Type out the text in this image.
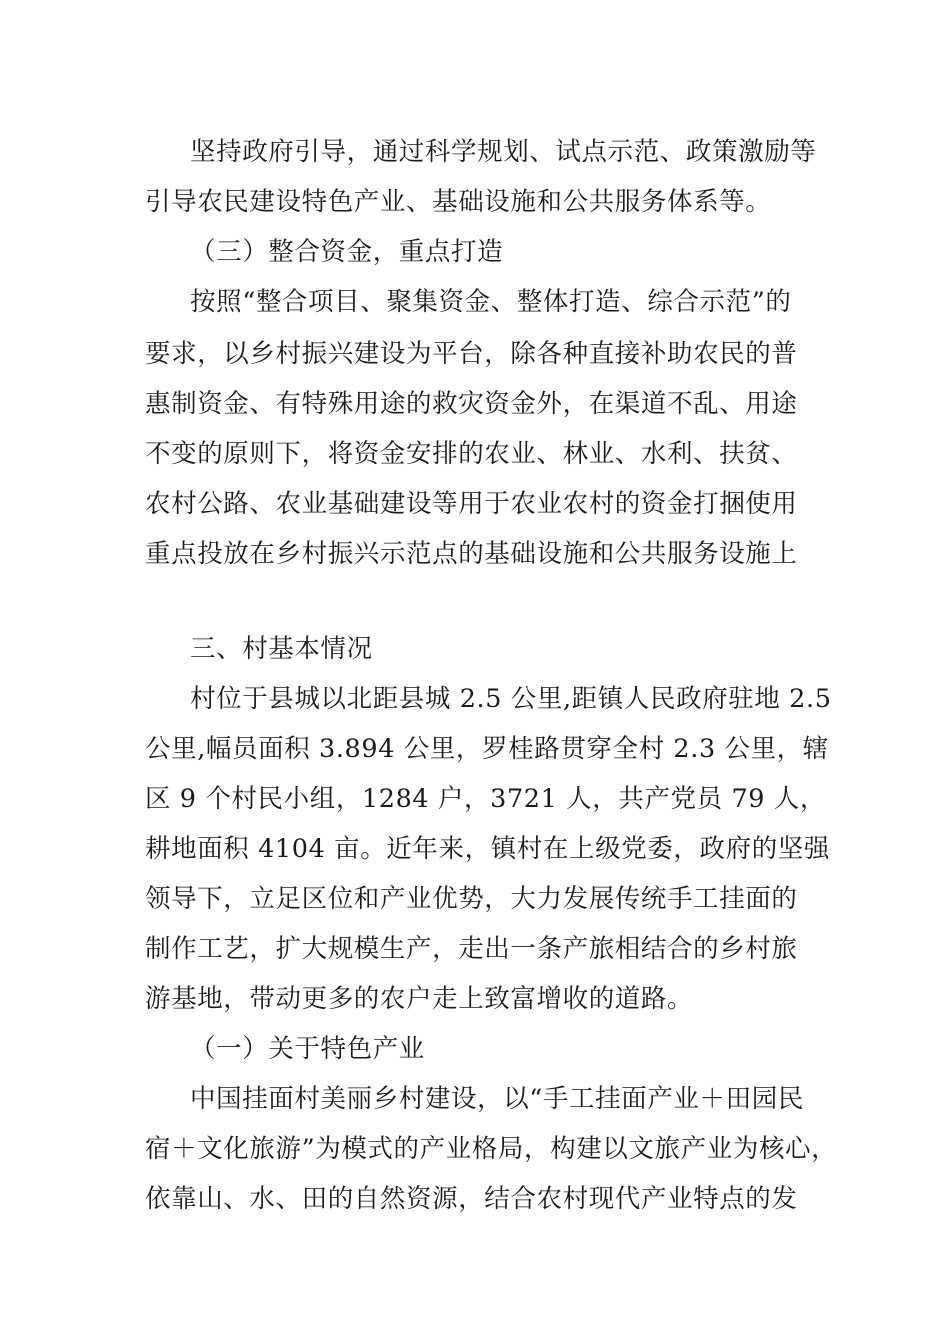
坚持政府引导，通过科学规划、试点示范、政策激励等
引导农民建设特色产业、基础设施和公共服务体系等。
（三）整合资金，重点打造
按照“整合项目、聚集资金、整体打造、综合示范”的
要求，以乡村振兴建设为平台，除各种直接补助农民的普
惠制资金、有特殊用途的救灾资金外，在渠道不乱、用途
不变的原则下，将资金安排的农业、林业、水利、扶贫、
农村公路、农业基础建设等用于农业农村的资金打捆使用
重点投放在乡村振兴示范点的基础设施和公共服务设施上
三、村基本情况
村位于县城以北距县城 2.5 公里,距镇人民政府驻地 2.5
公里,幅员面积 3.894 公里，罗桂路贯穿全村 2.3 公里，辖
区 9 个村民小组，1284 户，3721 人，共产党员 79 人，
耕地面积 4104 亩。近年来，镇村在上级党委，政府的坚强
领导下，立足区位和产业优势，大力发展传统手工挂面的
制作工艺，扩大规模生产，走出一条产旅相结合的乡村旅
游基地，带动更多的农户走上致富增收的道路。
（一）关于特色产业
中国挂面村美丽乡村建设，以“手工挂面产业＋田园民
宿＋文化旅游”为模式的产业格局，构建以文旅产业为核心，
依靠山、水、田的自然资源，结合农村现代产业特点的发
